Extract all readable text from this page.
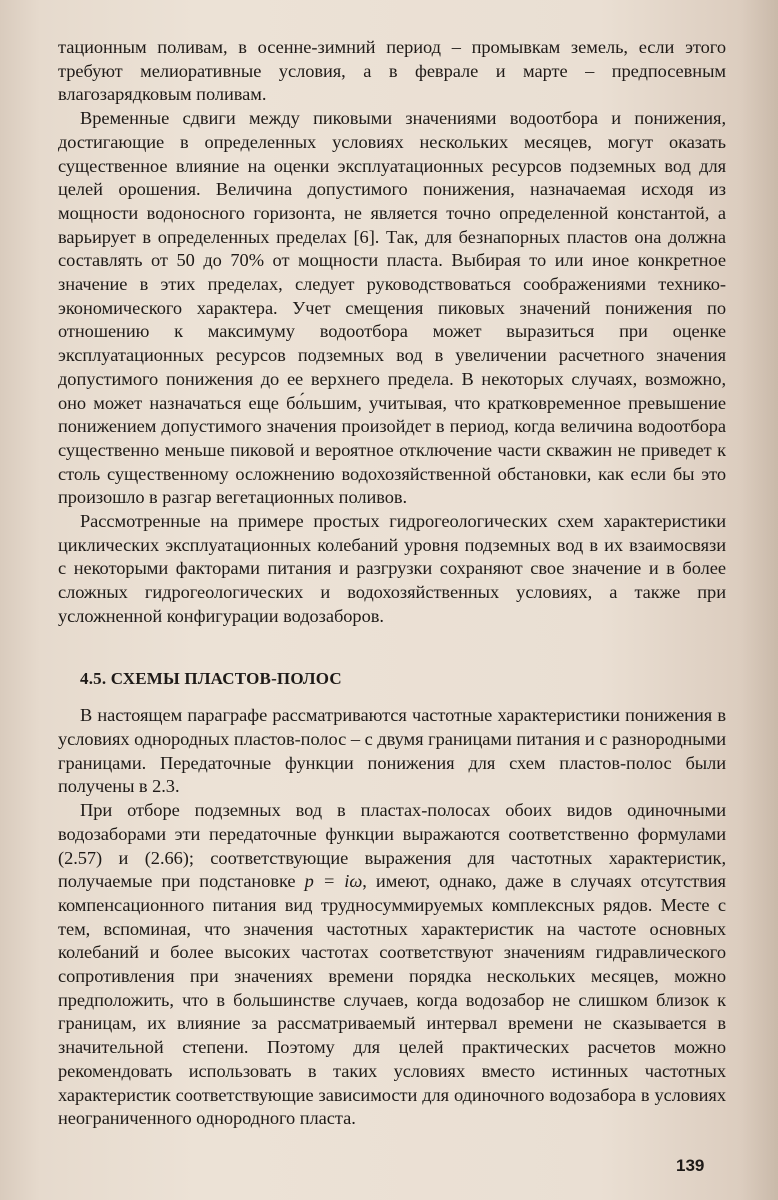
тационным поливам, в осенне-зимний период – промывкам земель, если этого требуют мелиоративные условия, а в феврале и марте – предпосевным влагозарядковым поливам.

Временные сдвиги между пиковыми значениями водоотбора и понижения, достигающие в определенных условиях нескольких месяцев, могут оказать существенное влияние на оценки эксплуатационных ресурсов подземных вод для целей орошения. Величина допустимого понижения, назначаемая исходя из мощности водоносного горизонта, не является точно определенной константой, а варьирует в определенных пределах [6]. Так, для безнапорных пластов она должна составлять от 50 до 70% от мощности пласта. Выбирая то или иное конкретное значение в этих пределах, следует руководствоваться соображениями технико-экономического характера. Учет смещения пиковых значений понижения по отношению к максимуму водоотбора может выразиться при оценке эксплуатационных ресурсов подземных вод в увеличении расчетного значения допустимого понижения до ее верхнего предела. В некоторых случаях, возможно, оно может назначаться еще бо́льшим, учитывая, что кратковременное превышение понижением допустимого значения произойдет в период, когда величина водоотбора существенно меньше пиковой и вероятное отключение части скважин не приведет к столь существенному осложнению водохозяйственной обстановки, как если бы это произошло в разгар вегетационных поливов.

Рассмотренные на примере простых гидрогеологических схем характеристики циклических эксплуатационных колебаний уровня подземных вод в их взаимосвязи с некоторыми факторами питания и разгрузки сохраняют свое значение и в более сложных гидрогеологических и водохозяйственных условиях, а также при усложненной конфигурации водозаборов.

4.5. СХЕМЫ ПЛАСТОВ-ПОЛОС

В настоящем параграфе рассматриваются частотные характеристики понижения в условиях однородных пластов-полос – с двумя границами питания и с разнородными границами. Передаточные функции понижения для схем пластов-полос были получены в 2.3.

При отборе подземных вод в пластах-полосах обоих видов одиночными водозаборами эти передаточные функции выражаются соответственно формулами (2.57) и (2.66); соответствующие выражения для частотных характеристик, получаемые при подстановке p = iω, имеют, однако, даже в случаях отсутствия компенсационного питания вид трудносуммируемых комплексных рядов. Месте с тем, вспоминая, что значения частотных характеристик на частоте основных колебаний и более высоких частотах соответствуют значениям гидравлического сопротивления при значениях времени порядка нескольких месяцев, можно предположить, что в большинстве случаев, когда водозабор не слишком близок к границам, их влияние за рассматриваемый интервал времени не сказывается в значительной степени. Поэтому для целей практических расчетов можно рекомендовать использовать в таких условиях вместо истинных частотных характеристик соответствующие зависимости для одиночного водозабора в условиях неограниченного однородного пласта.

139
